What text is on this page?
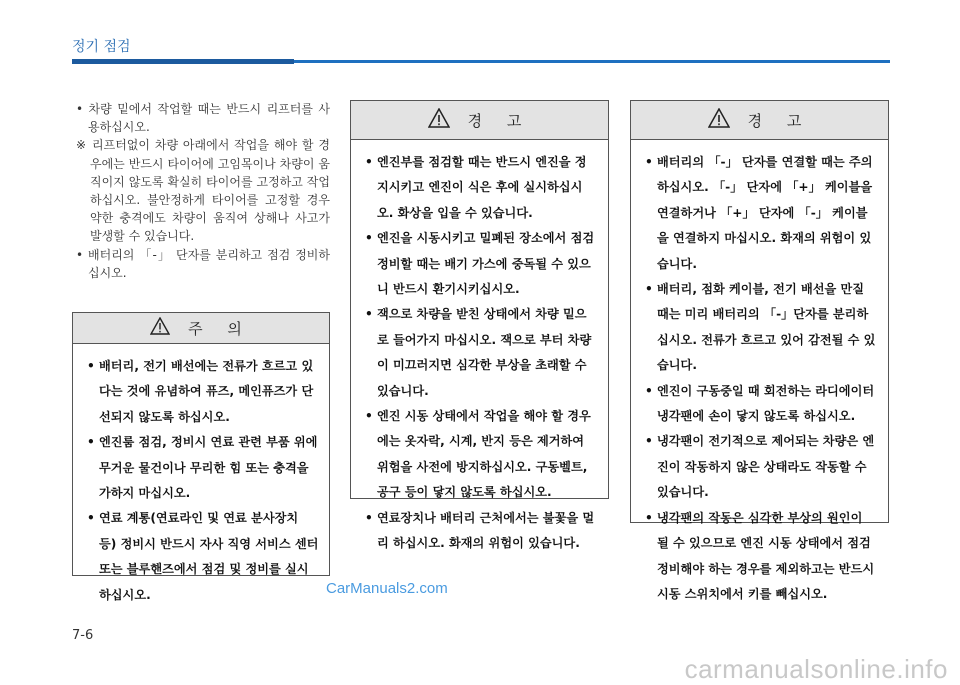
정기 점검

• 차량 밑에서 작업할 때는 반드시 리프터를 사용하십시오.

※ 리프터없이 차량 아래에서 작업을 해야 할 경우에는 반드시 타이어에 고임목이나 차량이 움직이지 않도록 확실히 타이어를 고정하고 작업하십시오. 불안정하게 타이어를 고정할 경우 약한 충격에도 차량이 움직여 상해나 사고가 발생할 수 있습니다.

• 배터리의 「-」 단자를 분리하고 점검 정비하십시오.

주 의
• 배터리, 전기 배선에는 전류가 흐르고 있다는 것에 유념하여 퓨즈, 메인퓨즈가 단선되지 않도록 하십시오.
• 엔진룸 점검, 정비시 연료 관련 부품 위에 무거운 물건이나 무리한 힘 또는 충격을 가하지 마십시오.
• 연료 계통(연료라인 및 연료 분사장치 등) 정비시 반드시 자사 직영 서비스 센터 또는 블루핸즈에서 점검 및 정비를 실시하십시오.
경 고
• 엔진부를 점검할 때는 반드시 엔진을 정지시키고 엔진이 식은 후에 실시하십시오. 화상을 입을 수 있습니다.
• 엔진을 시동시키고 밀폐된 장소에서 점검 정비할 때는 배기 가스에 중독될 수 있으니 반드시 환기시키십시오.
• 잭으로 차량을 받친 상태에서 차량 밑으로 들어가지 마십시오. 잭으로 부터 차량이 미끄러지면 심각한 부상을 초래할 수 있습니다.
• 엔진 시동 상태에서 작업을 해야 할 경우에는 옷자락, 시계, 반지 등은 제거하여 위험을 사전에 방지하십시오. 구동벨트, 공구 등이 닿지 않도록 하십시오.
• 연료장치나 배터리 근처에서는 불꽃을 멀리 하십시오. 화재의 위험이 있습니다.
경 고
• 배터리의 「-」 단자를 연결할 때는 주의하십시오. 「-」 단자에 「+」 케이블을 연결하거나 「+」 단자에 「-」 케이블을 연결하지 마십시오. 화재의 위험이 있습니다.
• 배터리, 점화 케이블, 전기 배선을 만질 때는 미리 배터리의 「-」단자를 분리하십시오. 전류가 흐르고 있어 감전될 수 있습니다.
• 엔진이 구동중일 때 회전하는 라디에이터 냉각팬에 손이 닿지 않도록 하십시오.
• 냉각팬이 전기적으로 제어되는 차량은 엔진이 작동하지 않은 상태라도 작동할 수 있습니다.
• 냉각팬의 작동은 심각한 부상의 원인이 될 수 있으므로 엔진 시동 상태에서 점검 정비해야 하는 경우를 제외하고는 반드시 시동 스위치에서 키를 빼십시오.
CarManuals2.com
7-6
carmanualsonline.info
